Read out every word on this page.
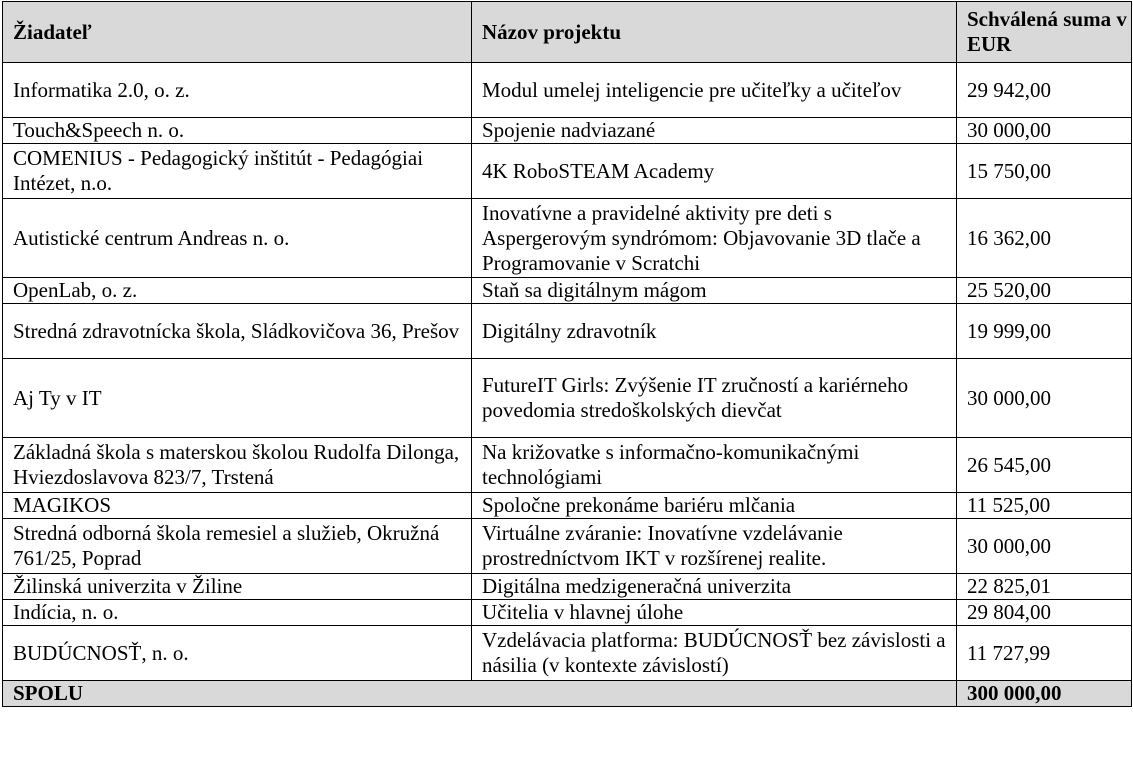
Žiadateľ	Názov projektu	Schválená suma v EUR
Informatika 2.0, o. z.	Modul umelej inteligencie pre učiteľky a učiteľov	29 942,00
Touch&Speech n. o.	Spojenie nadviazané	30 000,00
COMENIUS - Pedagogický inštitút - Pedagógiai Intézet, n.o.	4K RoboSTEAM Academy	15 750,00
Autistické centrum Andreas n. o.	Inovatívne a pravidelné aktivity pre deti s Aspergerovým syndrómom: Objavovanie 3D tlače a Programovanie v Scratchi	16 362,00
OpenLab, o. z.	Staň sa digitálnym mágom	25 520,00
Stredná zdravotnícka škola, Sládkovičova 36, Prešov	Digitálny zdravotník	19 999,00
Aj Ty v IT	FutureIT Girls: Zvýšenie IT zručností a kariérneho povedomia stredoškolských dievčat	30 000,00
Základná škola s materskou školou Rudolfa Dilonga, Hviezdoslavova 823/7, Trstená	Na križovatke s informačno-komunikačnými technológiami	26 545,00
MAGIKOS	Spoločne prekonáme bariéru mlčania	11 525,00
Stredná odborná škola remesiel a služieb, Okružná 761/25, Poprad	Virtuálne zváranie: Inovatívne vzdelávanie prostredníctvom IKT v rozšírenej realite.	30 000,00
Žilinská univerzita v Žiline	Digitálna medzigeneračná univerzita	22 825,01
Indícia, n. o.	Učitelia v hlavnej úlohe	29 804,00
BUDÚCNOSŤ, n. o.	Vzdelávacia platforma: BUDÚCNOSŤ bez závislosti a násilia (v kontexte závislostí)	11 727,99
SPOLU		300 000,00
